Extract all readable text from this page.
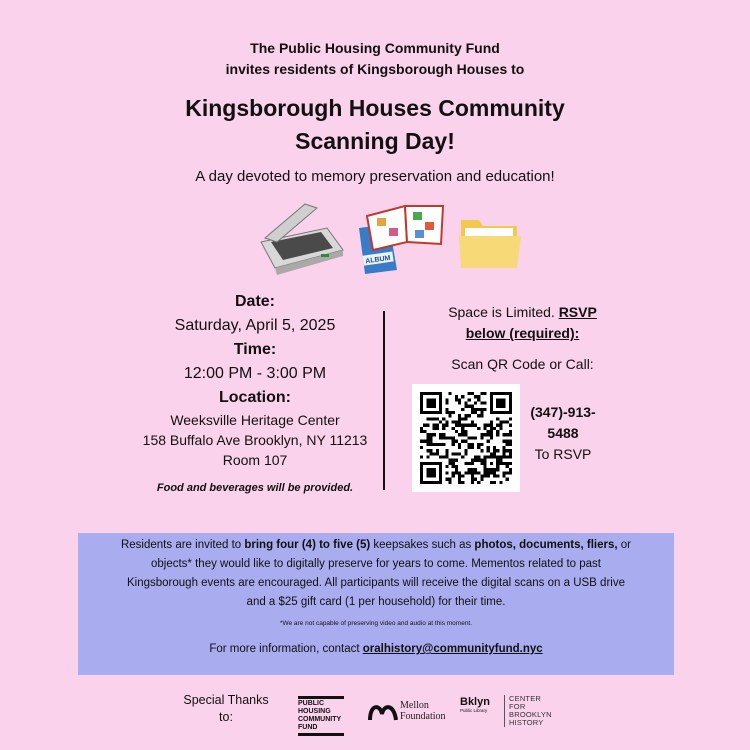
The Public Housing Community Fund
invites residents of Kingsborough Houses to
Kingsborough Houses Community
Scanning Day!
A day devoted to memory preservation and education!
ALBUM
Date:
Saturday, April 5, 2025
Time:
12:00 PM - 3:00 PM
Location:
Weeksville Heritage Center
158 Buffalo Ave Brooklyn, NY 11213
Room 107
Food and beverages will be provided.
Space is Limited. RSVP
below (required):
Scan QR Code or Call:
(347)-913-
5488
To RSVP

Residents are invited to bring four (4) to five (5) keepsakes such as photos, documents, fliers, or objects* they would like to digitally preserve for years to come. Mementos related to past Kingsborough events are encouraged. All participants will receive the digital scans on a USB drive and a $25 gift card (1 per household) for their time.

*We are not capable of preserving video and audio at this moment.

For more information, contact oralhistory@communityfund.nyc

Special Thanks
to:
PUBLIC
HOUSING
COMMUNITY
FUND
Mellon
Foundation
Bklyn
Public Library
CENTER
FOR
BROOKLYN
HISTORY
